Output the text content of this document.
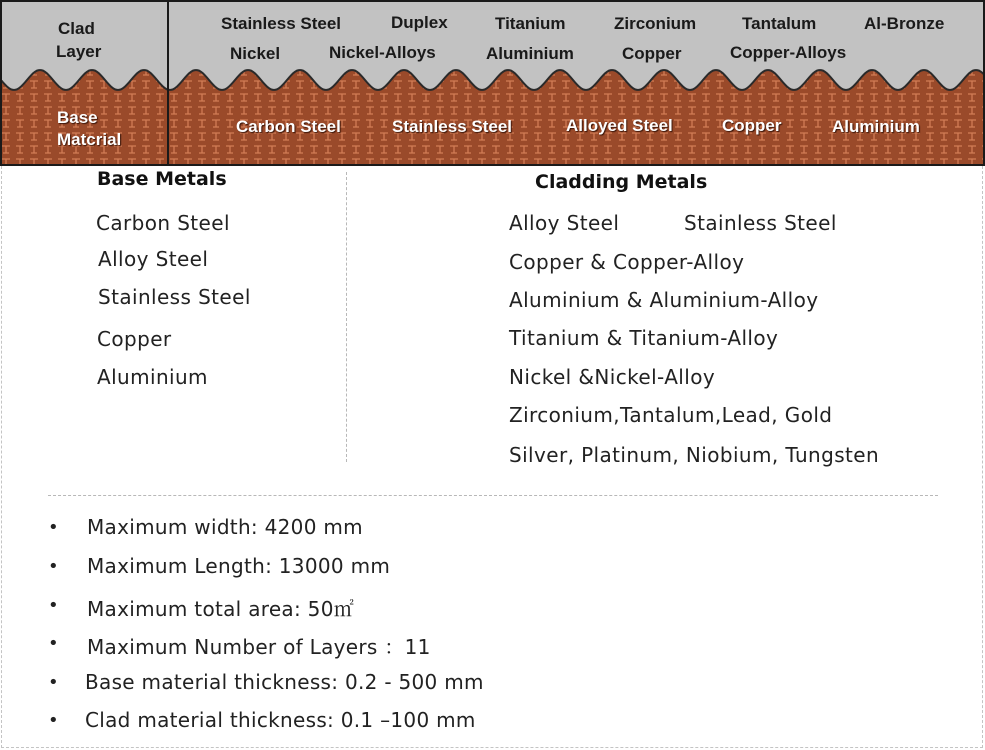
Clad
Layer
Base
Matcrial
Stainless Steel	Duplex	Titanium	Zirconium	Tantalum	Al-Bronze
Nickel	Nickel-Alloys	Aluminium	Copper	Copper-Alloys
Carbon Steel	Stainless Steel	Alloyed Steel	Copper	Aluminium
Base Metals
Carbon Steel
Alloy Steel
Stainless Steel
Copper
Aluminium
Cladding Metals
Alloy Steel	Stainless Steel
Copper & Copper-Alloy
Aluminium & Aluminium-Alloy
Titanium & Titanium-Alloy
Nickel &Nickel-Alloy
Zirconium,Tantalum,Lead, Gold
Silver, Platinum, Niobium, Tungsten
• Maximum width: 4200 mm
• Maximum Length: 13000 mm
• Maximum total area: 50㎡
• Maximum Number of Layers ：11
• Base material thickness: 0.2 - 500 mm
• Clad material thickness: 0.1 –100 mm
